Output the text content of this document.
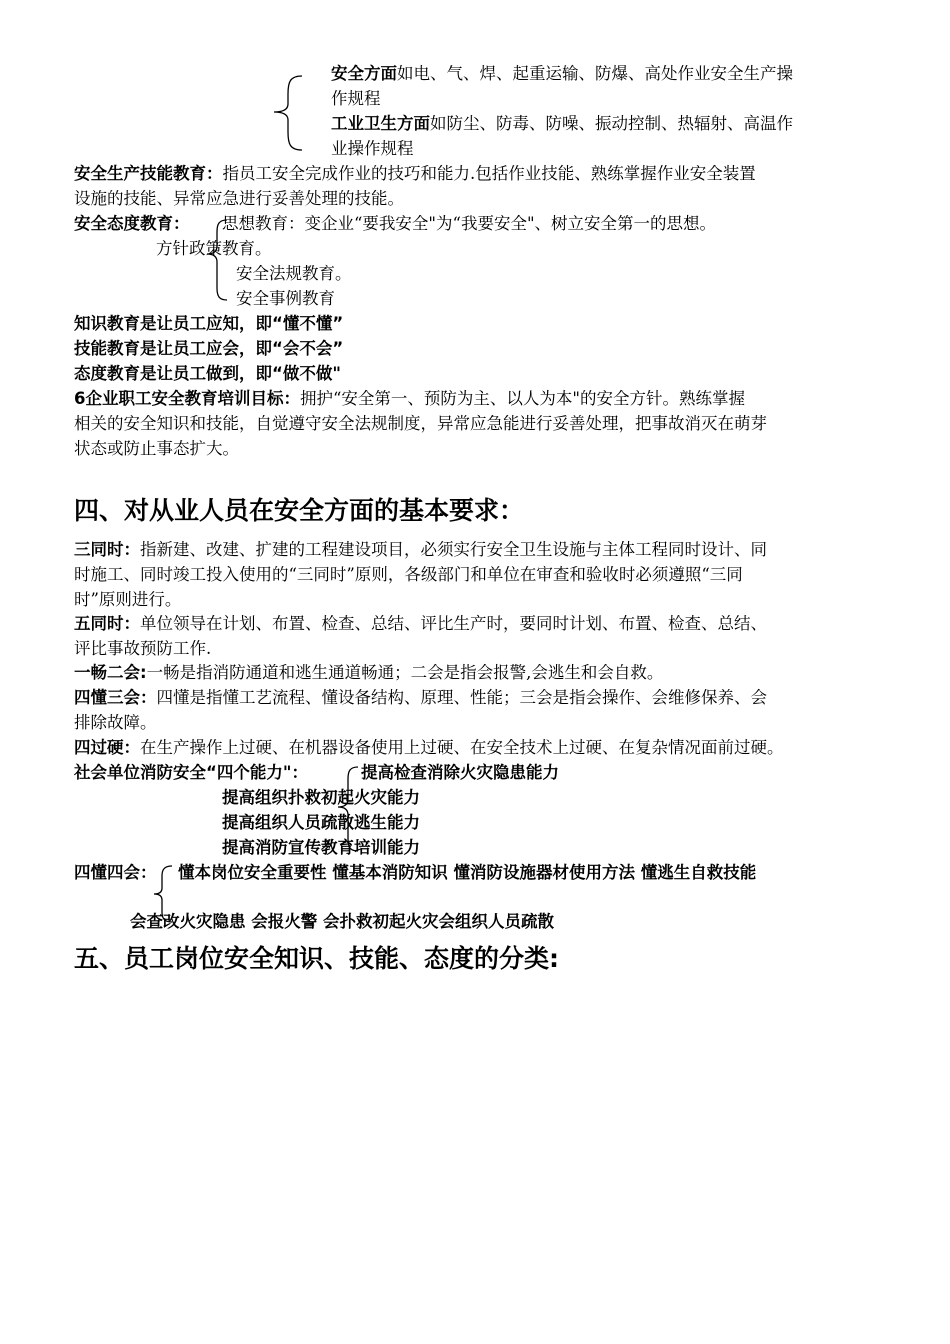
安全方面如电、气、焊、起重运输、防爆、高处作业安全生产操
作规程
工业卫生方面如防尘、防毒、防噪、振动控制、热辐射、高温作
业操作规程
安全生产技能教育：指员工安全完成作业的技巧和能力.包括作业技能、熟练掌握作业安全装置
设施的技能、异常应急进行妥善处理的技能。
安全态度教育： 思想教育：变企业“要我安全"为“我要安全"、树立安全第一的思想。
方针政策教育。
安全法规教育。
安全事例教育
知识教育是让员工应知，即“懂不懂”
技能教育是让员工应会，即“会不会”
态度教育是让员工做到，即“做不做"
6企业职工安全教育培训目标：拥护“安全第一、预防为主、以人为本"的安全方针。熟练掌握
相关的安全知识和技能，自觉遵守安全法规制度，异常应急能进行妥善处理，把事故消灭在萌芽
状态或防止事态扩大。
四、对从业人员在安全方面的基本要求：
三同时：指新建、改建、扩建的工程建设项目，必须实行安全卫生设施与主体工程同时设计、同
时施工、同时竣工投入使用的“三同时”原则，各级部门和单位在审查和验收时必须遵照“三同
时”原则进行。
五同时：单位领导在计划、布置、检查、总结、评比生产时，要同时计划、布置、检查、总结、
评比事故预防工作.
一畅二会:一畅是指消防通道和逃生通道畅通；二会是指会报警,会逃生和会自救。
四懂三会：四懂是指懂工艺流程、懂设备结构、原理、性能；三会是指会操作、会维修保养、会
排除故障。
四过硬：在生产操作上过硬、在机器设备使用上过硬、在安全技术上过硬、在复杂情况面前过硬。
社会单位消防安全“四个能力"：	提高检查消除火灾隐患能力
提高组织扑救初起火灾能力
提高组织人员疏散逃生能力
提高消防宣传教育培训能力
四懂四会： 懂本岗位安全重要性 懂基本消防知识 懂消防设施器材使用方法 懂逃生自救技能
会查改火灾隐患 会报火警 会扑救初起火灾会组织人员疏散
五、员工岗位安全知识、技能、态度的分类:
